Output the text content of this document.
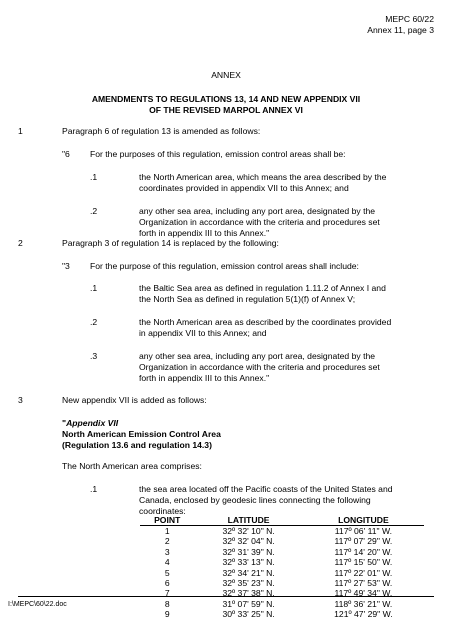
MEPC 60/22
Annex 11, page 3
ANNEX
AMENDMENTS TO REGULATIONS 13, 14 AND NEW APPENDIX VII
OF THE REVISED MARPOL ANNEX VI
1	Paragraph 6 of regulation 13 is amended as follows:
"6 For the purposes of this regulation, emission control areas shall be:
.1	the North American area, which means the area described by the
coordinates provided in appendix VII to this Annex; and
.2	any other sea area, including any port area, designated by the
Organization in accordance with the criteria and procedures set
forth in appendix III to this Annex."
2	Paragraph 3 of regulation 14 is replaced by the following:
"3 For the purpose of this regulation, emission control areas shall include:
.1	the Baltic Sea area as defined in regulation 1.11.2 of Annex I and
the North Sea as defined in regulation 5(1)(f) of Annex V;
.2	the North American area as described by the coordinates provided
in appendix VII to this Annex; and
.3	any other sea area, including any port area, designated by the
Organization in accordance with the criteria and procedures set
forth in appendix III to this Annex."
3	New appendix VII is added as follows:
"Appendix VII
North American Emission Control Area
(Regulation 13.6 and regulation 14.3)
The North American area comprises:
.1	the sea area located off the Pacific coasts of the United States and
Canada, enclosed by geodesic lines connecting the following
coordinates:
POINT	LATITUDE	LONGITUDE
1	32º 32' 10" N.	117º 06' 11" W.
2	32º 32' 04" N.	117º 07' 29" W.
3	32º 31' 39" N.	117º 14' 20" W.
4	32º 33' 13" N.	117º 15' 50" W.
5	32º 34' 21" N.	117º 22' 01" W.
6	32º 35' 23" N.	117º 27' 53" W.
7	32º 37' 38" N.	117º 49' 34" W.
8	31º 07' 59" N.	118º 36' 21" W.
9	30º 33' 25" N.	121º 47' 29" W.
I:\MEPC\60\22.doc
